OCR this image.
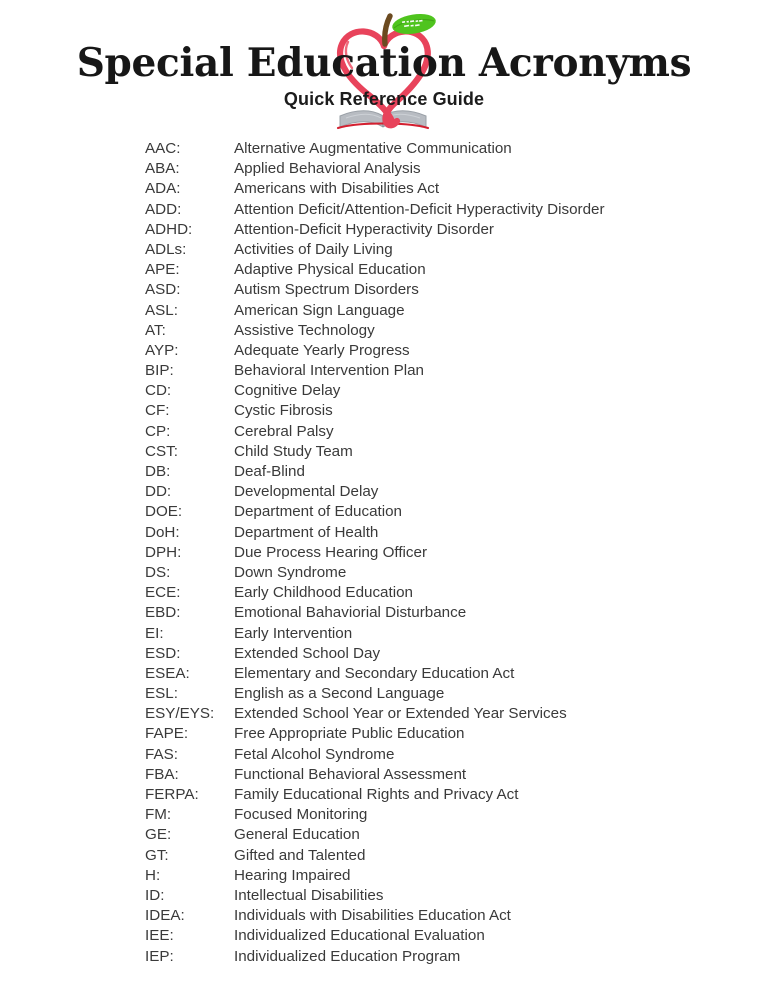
Special Education Acronyms
Quick Reference Guide
AAC:	Alternative Augmentative Communication
ABA:	Applied Behavioral Analysis
ADA:	Americans with Disabilities Act
ADD:	Attention Deficit/Attention-Deficit Hyperactivity Disorder
ADHD:	Attention-Deficit Hyperactivity Disorder
ADLs:	Activities of Daily Living
APE:	Adaptive Physical Education
ASD:	Autism Spectrum Disorders
ASL:	American Sign Language
AT:	Assistive Technology
AYP:	Adequate Yearly Progress
BIP:	Behavioral Intervention Plan
CD:	Cognitive Delay
CF:	Cystic Fibrosis
CP:	Cerebral Palsy
CST:	Child Study Team
DB:	Deaf-Blind
DD:	Developmental Delay
DOE:	Department of Education
DoH:	Department of Health
DPH:	Due Process Hearing Officer
DS:	Down Syndrome
ECE:	Early Childhood Education
EBD:	Emotional Bahaviorial Disturbance
EI:	Early Intervention
ESD:	Extended School Day
ESEA:	Elementary and Secondary Education Act
ESL:	English as a Second Language
ESY/EYS:	Extended School Year or Extended Year Services
FAPE:	Free Appropriate Public Education
FAS:	Fetal Alcohol Syndrome
FBA:	Functional Behavioral Assessment
FERPA:	Family Educational Rights and Privacy Act
FM:	Focused Monitoring
GE:	General Education
GT:	Gifted and Talented
H:	Hearing Impaired
ID:	Intellectual Disabilities
IDEA:	Individuals with Disabilities Education Act
IEE:	Individualized Educational Evaluation
IEP:	Individualized Education Program
